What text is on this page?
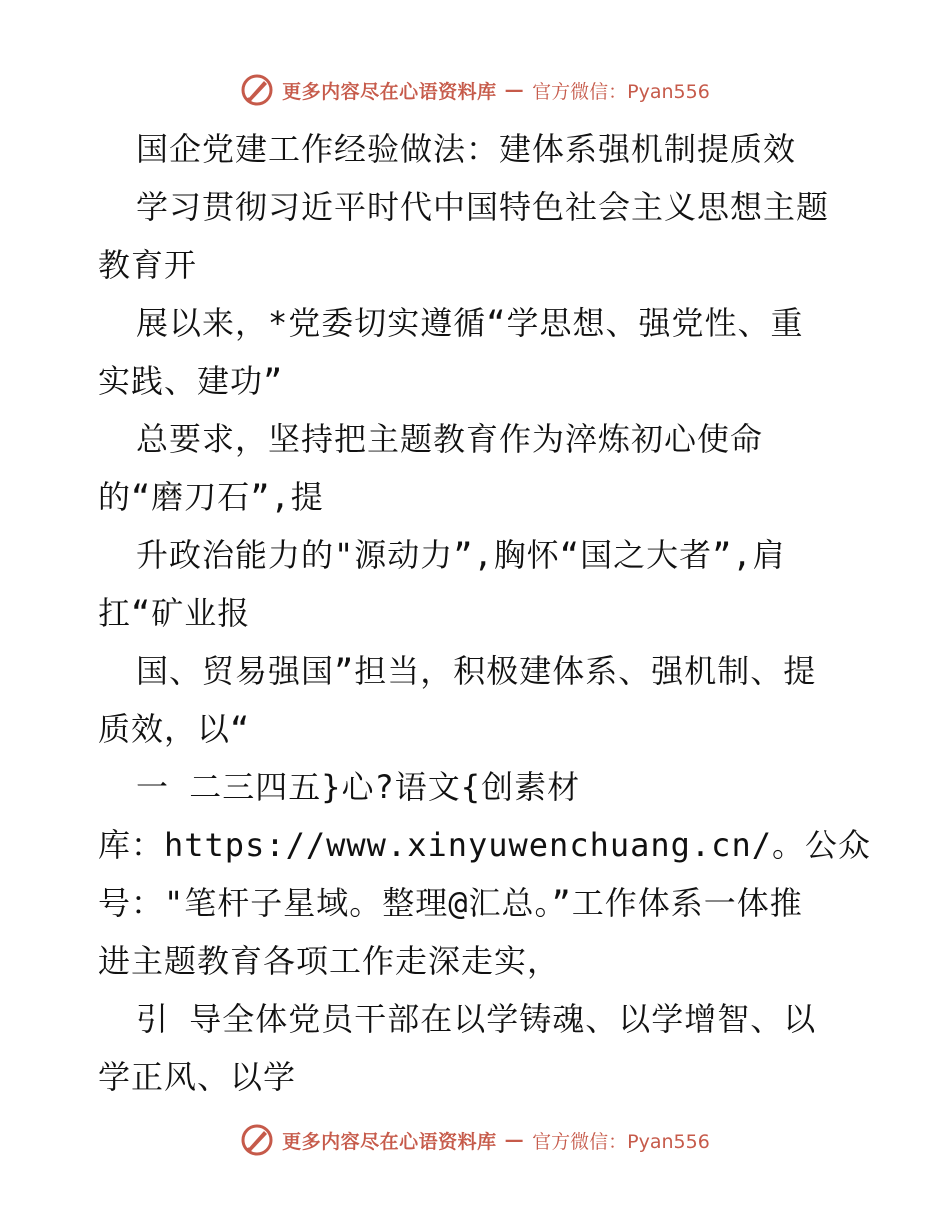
更多内容尽在心语资料库 — 官方微信：Pyan556
国企党建工作经验做法：建体系强机制提质效
学习贯彻习近平时代中国特色社会主义思想主题
教育开
展以来，*党委切实遵循“学思想、强党性、重
实践、建功”
总要求，坚持把主题教育作为淬炼初心使命
的“磨刀石”,提
升政治能力的"源动力”,胸怀“国之大者”,肩
扛“矿业报
国、贸易强国”担当，积极建体系、强机制、提
质效，以“
一 二三四五}心?语文{创素材
库：https://www.xinyuwenchuang.cn/。公众
号："笔杆子星域。整理@汇总。”工作体系一体推
进主题教育各项工作走深走实，
引 导全体党员干部在以学铸魂、以学增智、以
学正风、以学
更多内容尽在心语资料库 — 官方微信：Pyan556
